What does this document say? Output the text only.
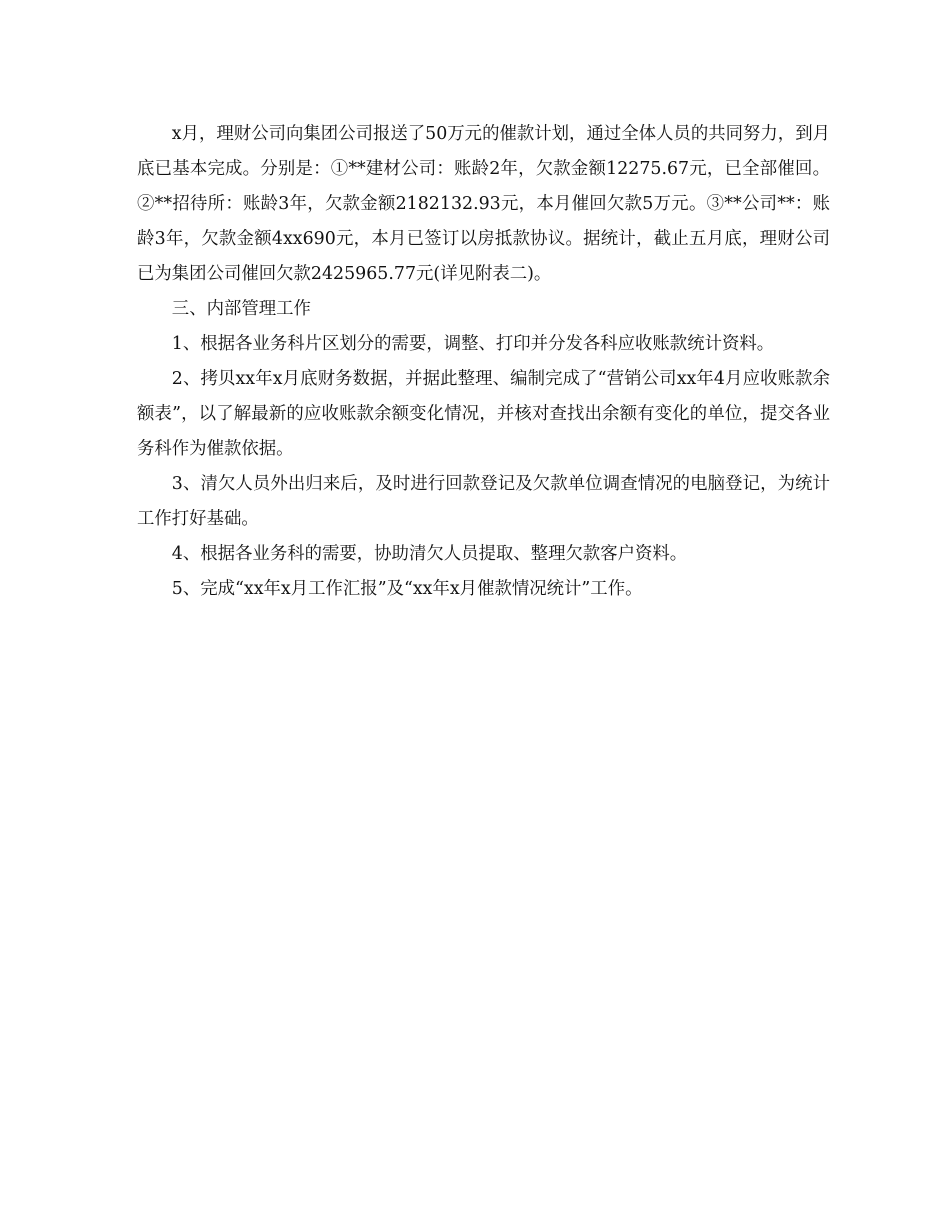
x月，理财公司向集团公司报送了50万元的催款计划，通过全体人员的共同努力，到月底已基本完成。分别是：①**建材公司：账龄2年，欠款金额12275.67元，已全部催回。②**招待所：账龄3年，欠款金额2182132.93元，本月催回欠款5万元。③**公司**：账龄3年，欠款金额4xx690元，本月已签订以房抵款协议。据统计，截止五月底，理财公司已为集团公司催回欠款2425965.77元(详见附表二)。

三、内部管理工作

1、根据各业务科片区划分的需要，调整、打印并分发各科应收账款统计资料。

2、拷贝xx年x月底财务数据，并据此整理、编制完成了“营销公司xx年4月应收账款余额表”，以了解最新的应收账款余额变化情况，并核对查找出余额有变化的单位，提交各业务科作为催款依据。

3、清欠人员外出归来后，及时进行回款登记及欠款单位调查情况的电脑登记，为统计工作打好基础。

4、根据各业务科的需要，协助清欠人员提取、整理欠款客户资料。

5、完成“xx年x月工作汇报”及“xx年x月催款情况统计”工作。
